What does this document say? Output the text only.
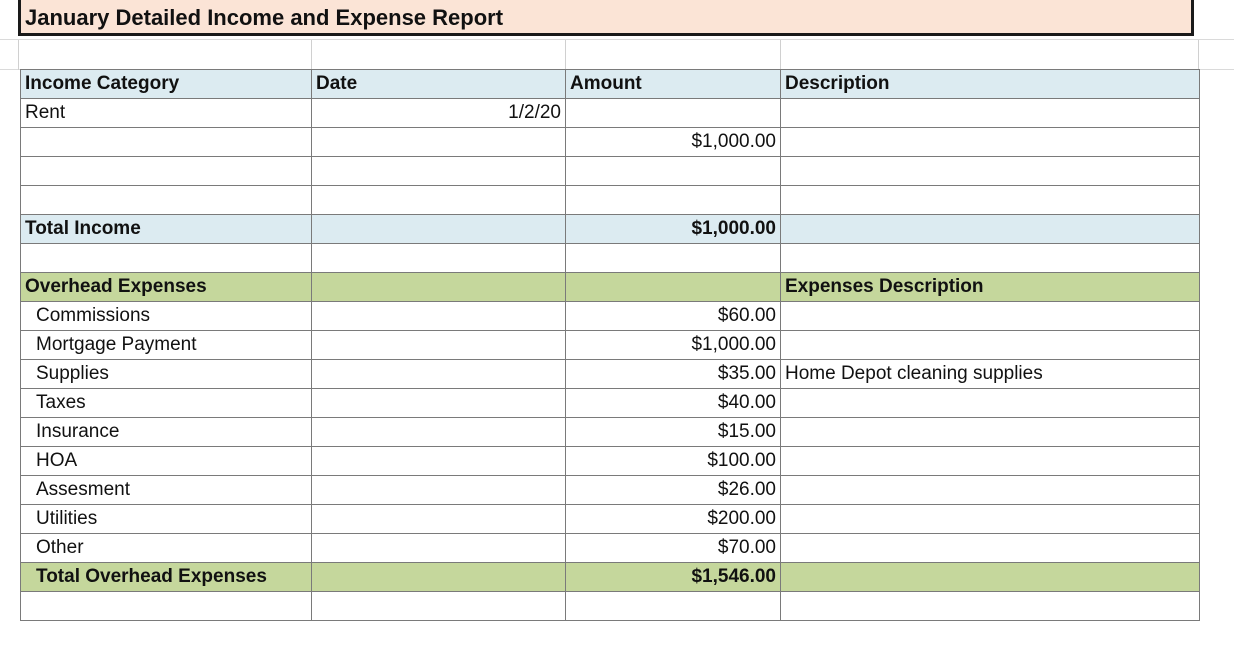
January Detailed Income and Expense Report
Income Category	Date	Amount	Description
Rent	1/2/20		
		$1,000.00	

Total Income		$1,000.00	

Overhead Expenses			Expenses Description
Commissions		$60.00	
Mortgage Payment		$1,000.00	
Supplies		$35.00	Home Depot cleaning supplies
Taxes		$40.00	
Insurance		$15.00	
HOA		$100.00	
Assesment		$26.00	
Utilities		$200.00	
Other		$70.00	
Total Overhead Expenses		$1,546.00	
